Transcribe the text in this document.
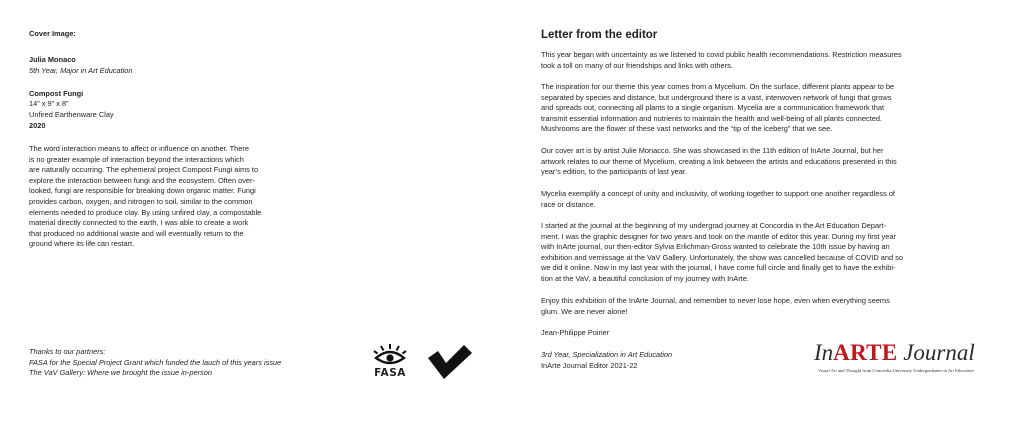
Cover Image:
Julia Monaco
5th Year, Major in Art Education
Compost Fungi
14” x 9” x 8”
Unfired Earthenware Clay
2020
The word interaction means to affect or influence on another. There
is no greater example of interaction beyond the interactions which
are naturally occurring. The ephemeral project Compost Fungi aims to
explore the interaction between fungi and the ecosystem. Often over-
looked, fungi are responsible for breaking down organic matter. Fungi
provides carbon, oxygen, and nitrogen to soil, similar to the common
elements needed to produce clay. By using unfired clay, a compostable
material directly connected to the earth, I was able to create a work
that produced no additional waste and will eventually return to the
ground where its life can restart.
Thanks to our partners:
FASA for the Special Project Grant which funded the lauch of this years issue
The VaV Gallery: Where we brought the issue in-person	FASA
Letter from the editor
This year began with uncertainty as we listened to covid public health recommendations. Restriction measures
took a toll on many of our friendships and links with others.
The inspiration for our theme this year comes from a Mycelium. On the surface, different plants appear to be
separated by species and distance, but underground there is a vast, interwoven network of fungi that grows
and spreads out, connecting all plants to a single organism. Mycelia are a communication framework that
transmit essential information and nutrients to maintain the health and well-being of all plants connected.
Mushrooms are the flower of these vast networks and the “tip of the iceberg” that we see.
Our cover art is by artist Julie Monacco. She was showcased in the 11th edition of InArte Journal, but her
artwork relates to our theme of Mycelium, creating a link between the artists and educations presented in this
year’s edition, to the participants of last year.
Mycelia exemplify a concept of unity and inclusivity, of working together to support one another regardless of
race or distance.
I started at the journal at the beginning of my undergrad journey at Concordia in the Art Education Depart-
ment. I was the graphic designer for two years and took on the mantle of editor this year. During my first year
with InArte journal, our then-editor Sylvia Erlichman-Gross wanted to celebrate the 10th issue by having an
exhibition and vernissage at the VaV Gallery. Unfortunately, the show was cancelled because of COVID and so
we did it online. Now in my last year with the journal, I have come full circle and finally get to have the exhibi-
tion at the VaV, a beautiful conclusion of my journey with InArte.
Enjoy this exhibition of the InArte Journal, and remember to never lose hope, even when everything seems
glum. We are never alone!
Jean-Philippe Poirier
3rd Year, Specialization in Art Education
InArte Journal Editor 2021-22
InARTE Journal
Visual Art and Thought from Concordia University Undergraduates in Art Education
